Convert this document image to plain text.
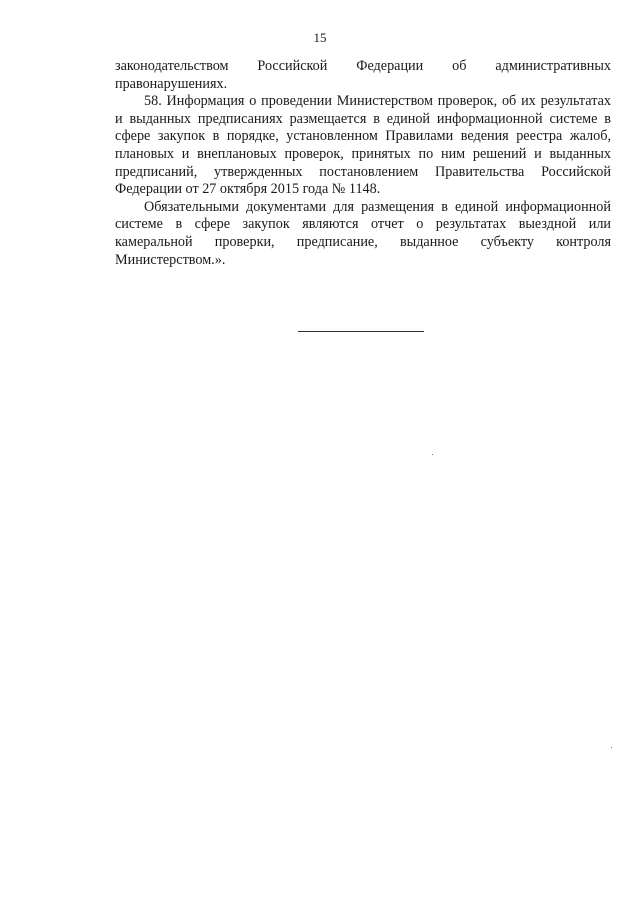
15

законодательством Российской Федерации об административных правонарушениях.

58. Информация о проведении Министерством проверок, об их результатах и выданных предписаниях размещается в единой информационной системе в сфере закупок в порядке, установленном Правилами ведения реестра жалоб, плановых и внеплановых проверок, принятых по ним решений и выданных предписаний, утвержденных постановлением Правительства Российской Федерации от 27 октября 2015 года № 1148.

Обязательными документами для размещения в единой информационной системе в сфере закупок являются отчет о результатах выездной или камеральной проверки, предписание, выданное субъекту контроля Министерством.».
